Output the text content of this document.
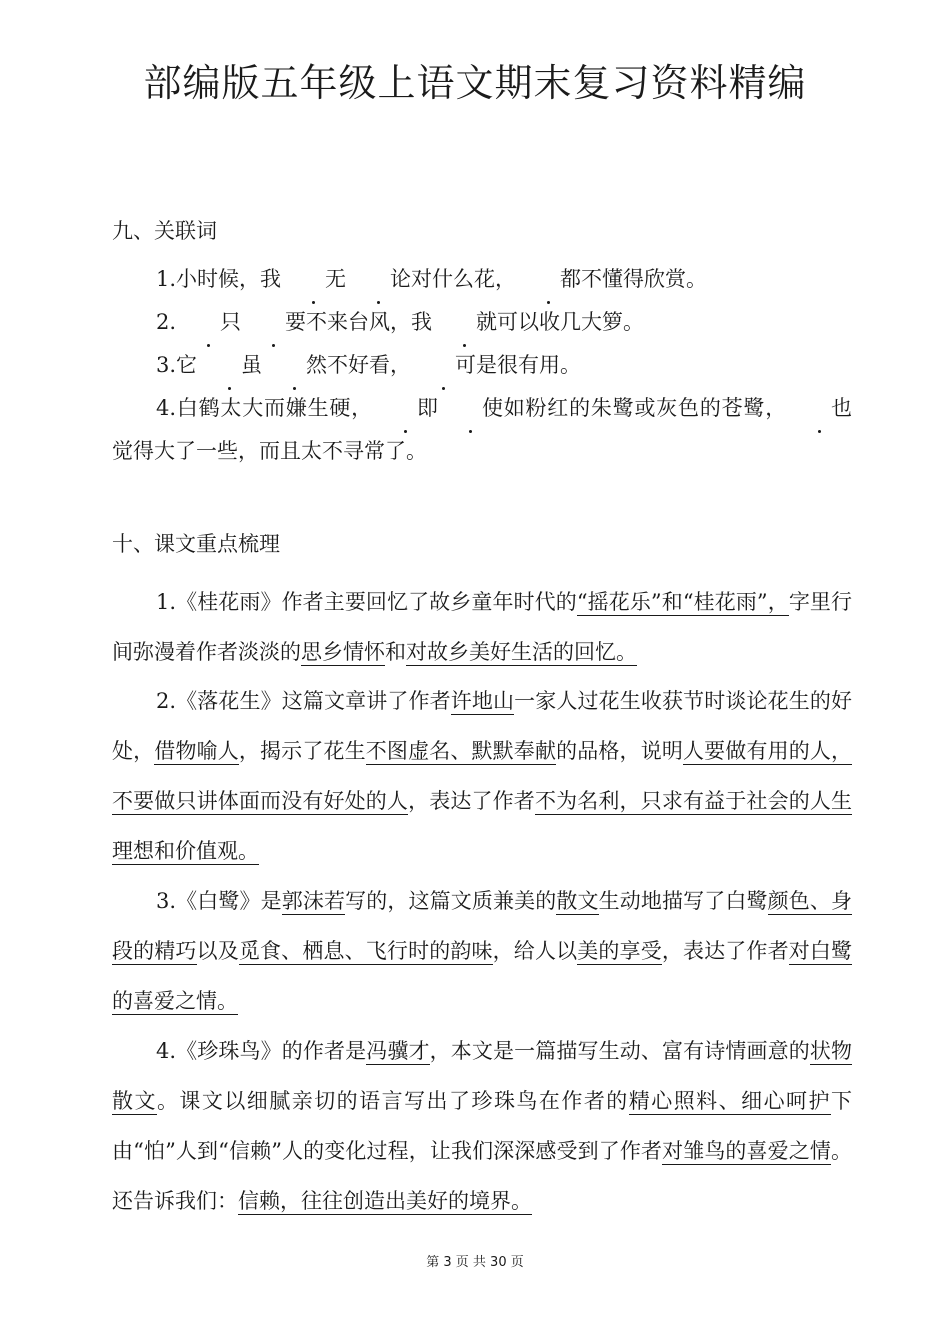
部编版五年级上语文期末复习资料精编

九、关联词

1.小时候，我 无 论对什么花， 都不懂得欣赏。

2. 只 要不来台风，我 就可以收几大箩。

3.它 虽 然不好看， 可是很有用。

4.白鹤太大而嫌生硬， 即 使如粉红的朱鹭或灰色的苍鹭， 也觉得大了一些，而且太不寻常了。

十、课文重点梳理

1.《桂花雨》作者主要回忆了故乡童年时代的“摇花乐”和“桂花雨”，字里行间弥漫着作者淡淡的思乡情怀和对故乡美好生活的回忆。

2.《落花生》这篇文章讲了作者许地山一家人过花生收获节时谈论花生的好处，借物喻人，揭示了花生不图虚名、默默奉献的品格，说明人要做有用的人，不要做只讲体面而没有好处的人，表达了作者不为名利，只求有益于社会的人生理想和价值观。

3.《白鹭》是郭沫若写的，这篇文质兼美的散文生动地描写了白鹭颜色、身段的精巧以及觅食、栖息、飞行时的韵味，给人以美的享受，表达了作者对白鹭的喜爱之情。

4.《珍珠鸟》的作者是冯骥才，本文是一篇描写生动、富有诗情画意的状物散文。课文以细腻亲切的语言写出了珍珠鸟在作者的精心照料、细心呵护下由“怕”人到“信赖”人的变化过程，让我们深深感受到了作者对雏鸟的喜爱之情。还告诉我们：信赖，往往创造出美好的境界。

第 3 页 共 30 页
